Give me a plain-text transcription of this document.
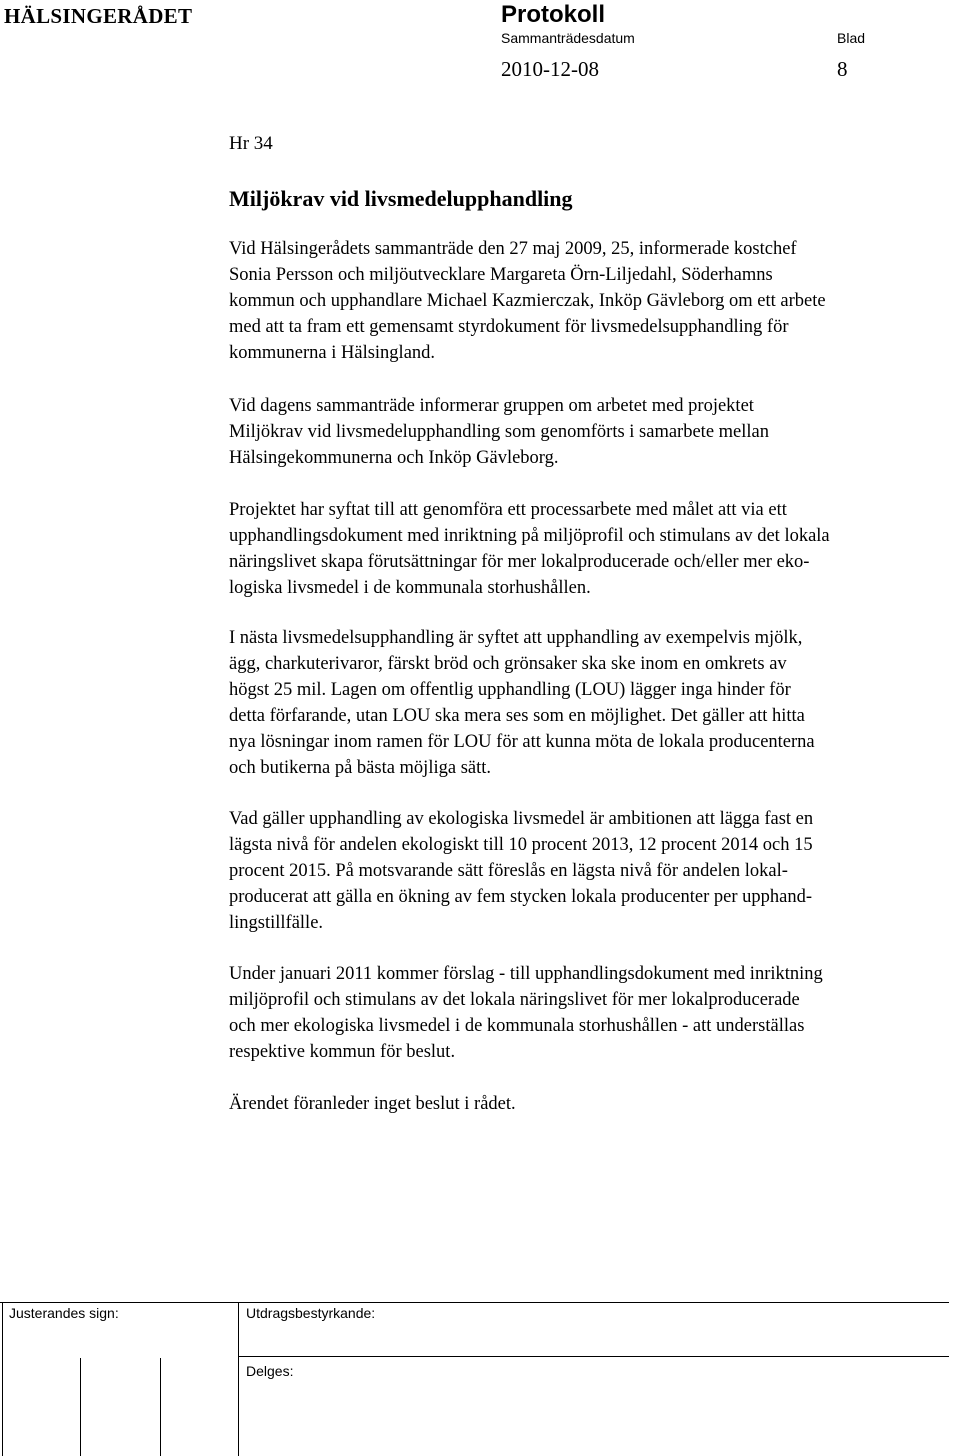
HÄLSINGERÅDET	Protokoll
Sammanträdesdatum	Blad
2010-12-08	8
Hr 34
Miljökrav vid livsmedelupphandling

Vid Hälsingerådets sammanträde den 27 maj 2009, 25, informerade kostchef
Sonia Persson och miljöutvecklare Margareta Örn-Liljedahl, Söderhamns
kommun och upphandlare Michael Kazmierczak, Inköp Gävleborg om ett arbete
med att ta fram ett gemensamt styrdokument för livsmedelsupphandling för
kommunerna i Hälsingland.

Vid dagens sammanträde informerar gruppen om arbetet med projektet
Miljökrav vid livsmedelupphandling som genomförts i samarbete mellan
Hälsingekommunerna och Inköp Gävleborg.

Projektet har syftat till att genomföra ett processarbete med målet att via ett
upphandlingsdokument med inriktning på miljöprofil och stimulans av det lokala
näringslivet skapa förutsättningar för mer lokalproducerade och/eller mer eko-
logiska livsmedel i de kommunala storhushållen.

I nästa livsmedelsupphandling är syftet att upphandling av exempelvis mjölk,
ägg, charkuterivaror, färskt bröd och grönsaker ska ske inom en omkrets av
högst 25 mil. Lagen om offentlig upphandling (LOU) lägger inga hinder för
detta förfarande, utan LOU ska mera ses som en möjlighet. Det gäller att hitta
nya lösningar inom ramen för LOU för att kunna möta de lokala producenterna
och butikerna på bästa möjliga sätt.

Vad gäller upphandling av ekologiska livsmedel är ambitionen att lägga fast en
lägsta nivå för andelen ekologiskt till 10 procent 2013, 12 procent 2014 och 15
procent 2015. På motsvarande sätt föreslås en lägsta nivå för andelen lokal-
producerat att gälla en ökning av fem stycken lokala producenter per upphand-
lingstillfälle.

Under januari 2011 kommer förslag - till upphandlingsdokument med inriktning
miljöprofil och stimulans av det lokala näringslivet för mer lokalproducerade
och mer ekologiska livsmedel i de kommunala storhushållen - att underställas
respektive kommun för beslut.

Ärendet föranleder inget beslut i rådet.

Justerandes sign:	Utdragsbestyrkande:
Delges:
